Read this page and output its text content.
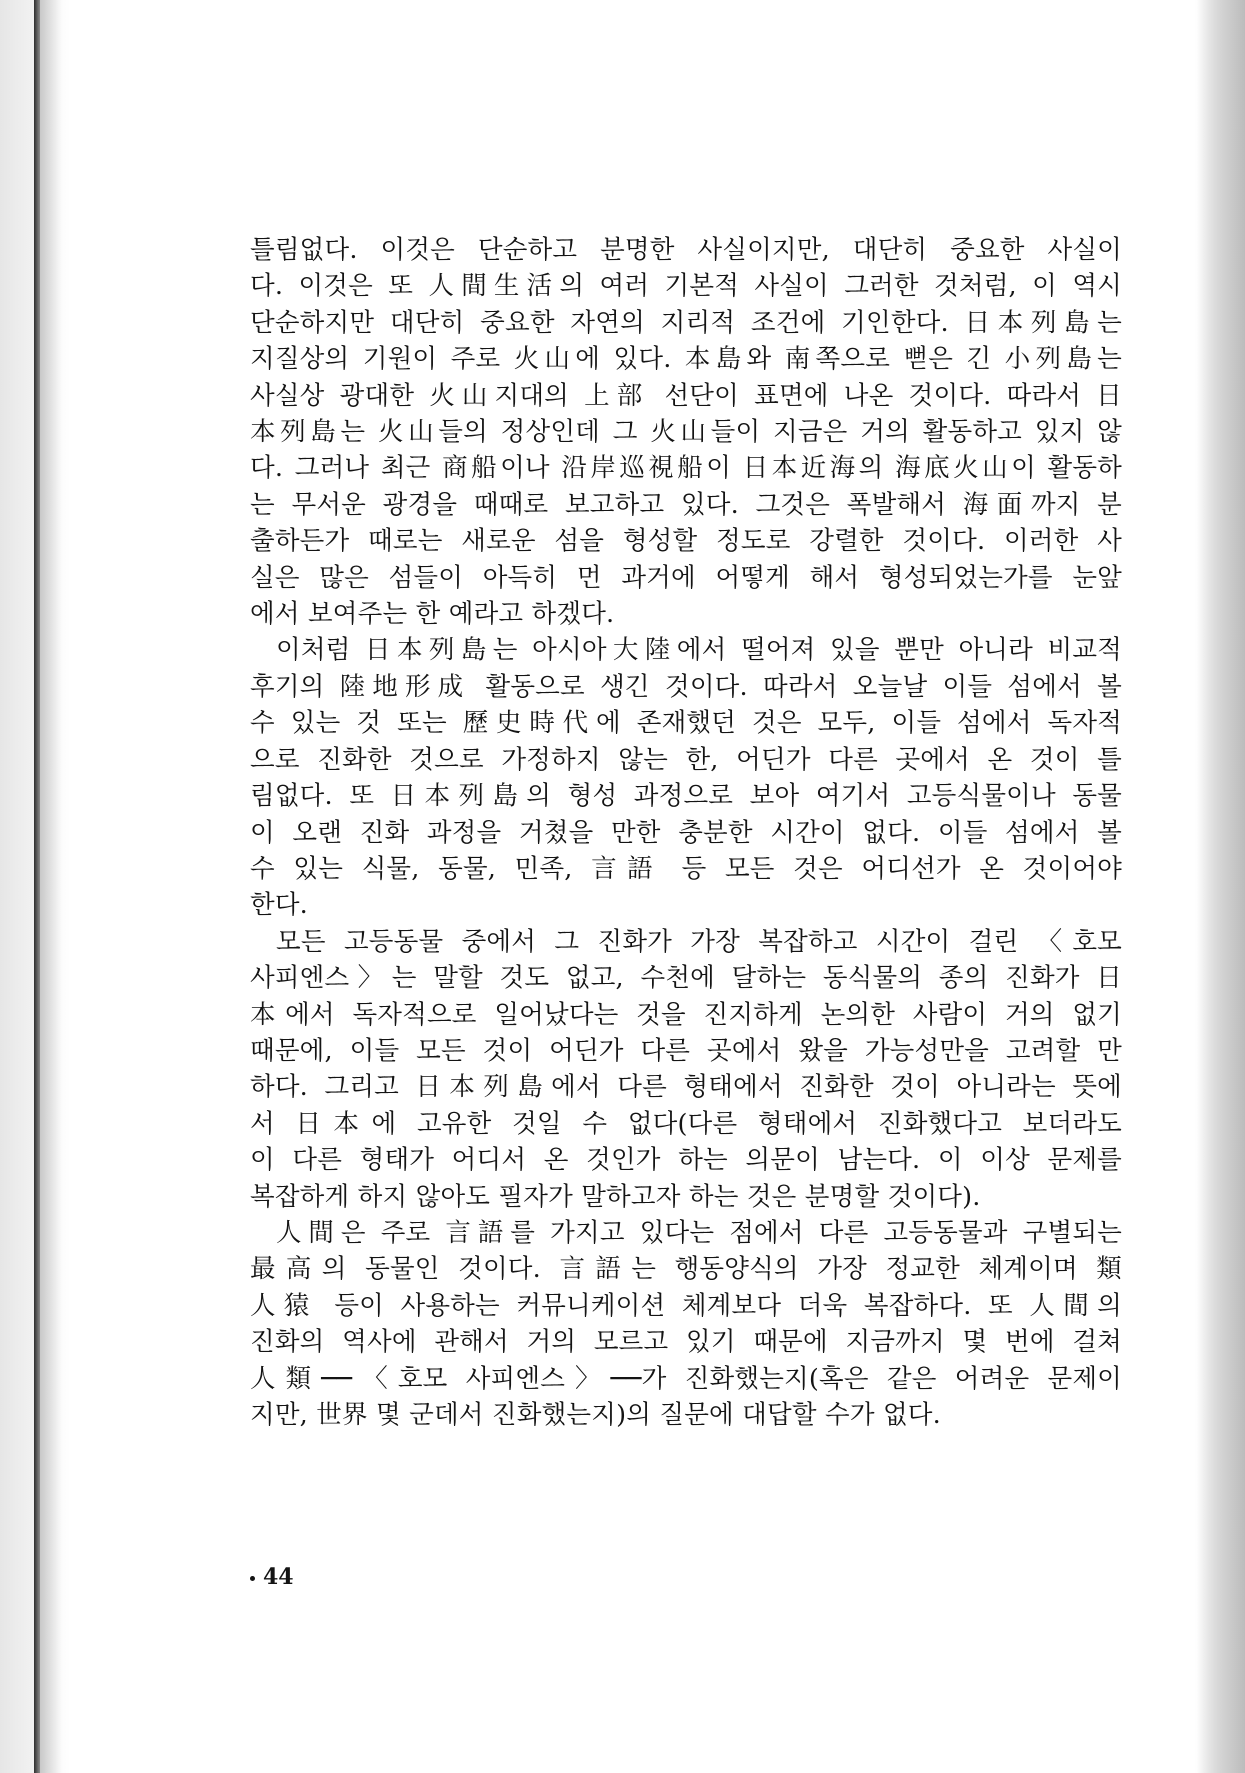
틀림없다. 이것은 단순하고 분명한 사실이지만, 대단히 중요한 사실이

다. 이것은 또 人間生活의 여러 기본적 사실이 그러한 것처럼, 이 역시

단순하지만 대단히 중요한 자연의 지리적 조건에 기인한다. 日本列島는

지질상의 기원이 주로 火山에 있다. 本島와 南쪽으로 뻗은 긴 小列島는

사실상 광대한 火山지대의 上部 선단이 표면에 나온 것이다. 따라서 日

本列島는 火山들의 정상인데 그 火山들이 지금은 거의 활동하고 있지 않

다. 그러나 최근 商船이나 沿岸巡視船이 日本近海의 海底火山이 활동하

는 무서운 광경을 때때로 보고하고 있다. 그것은 폭발해서 海面까지 분

출하든가 때로는 새로운 섬을 형성할 정도로 강렬한 것이다. 이러한 사

실은 많은 섬들이 아득히 먼 과거에 어떻게 해서 형성되었는가를 눈앞

에서 보여주는 한 예라고 하겠다.

이처럼 日本列島는 아시아大陸에서 떨어져 있을 뿐만 아니라 비교적

후기의 陸地形成 활동으로 생긴 것이다. 따라서 오늘날 이들 섬에서 볼

수 있는 것 또는 歷史時代에 존재했던 것은 모두, 이들 섬에서 독자적

으로 진화한 것으로 가정하지 않는 한, 어딘가 다른 곳에서 온 것이 틀

림없다. 또 日本列島의 형성 과정으로 보아 여기서 고등식물이나 동물

이 오랜 진화 과정을 거쳤을 만한 충분한 시간이 없다. 이들 섬에서 볼

수 있는 식물, 동물, 민족, 言語 등 모든 것은 어디선가 온 것이어야

한다.

모든 고등동물 중에서 그 진화가 가장 복잡하고 시간이 걸린 〈호모

사피엔스〉는 말할 것도 없고, 수천에 달하는 동식물의 종의 진화가 日

本에서 독자적으로 일어났다는 것을 진지하게 논의한 사람이 거의 없기

때문에, 이들 모든 것이 어딘가 다른 곳에서 왔을 가능성만을 고려할 만

하다. 그리고 日本列島에서 다른 형태에서 진화한 것이 아니라는 뜻에

서 日本에 고유한 것일 수 없다(다른 형태에서 진화했다고 보더라도

이 다른 형태가 어디서 온 것인가 하는 의문이 남는다. 이 이상 문제를

복잡하게 하지 않아도 필자가 말하고자 하는 것은 분명할 것이다).

人間은 주로 言語를 가지고 있다는 점에서 다른 고등동물과 구별되는

最高의 동물인 것이다. 言語는 행동양식의 가장 정교한 체계이며 類

人猿 등이 사용하는 커뮤니케이션 체계보다 더욱 복잡하다. 또 人間의

진화의 역사에 관해서 거의 모르고 있기 때문에 지금까지 몇 번에 걸쳐

人類──〈호모 사피엔스〉──가 진화했는지(혹은 같은 어려운 문제이

지만, 世界 몇 군데서 진화했는지)의 질문에 대답할 수가 없다.

44
